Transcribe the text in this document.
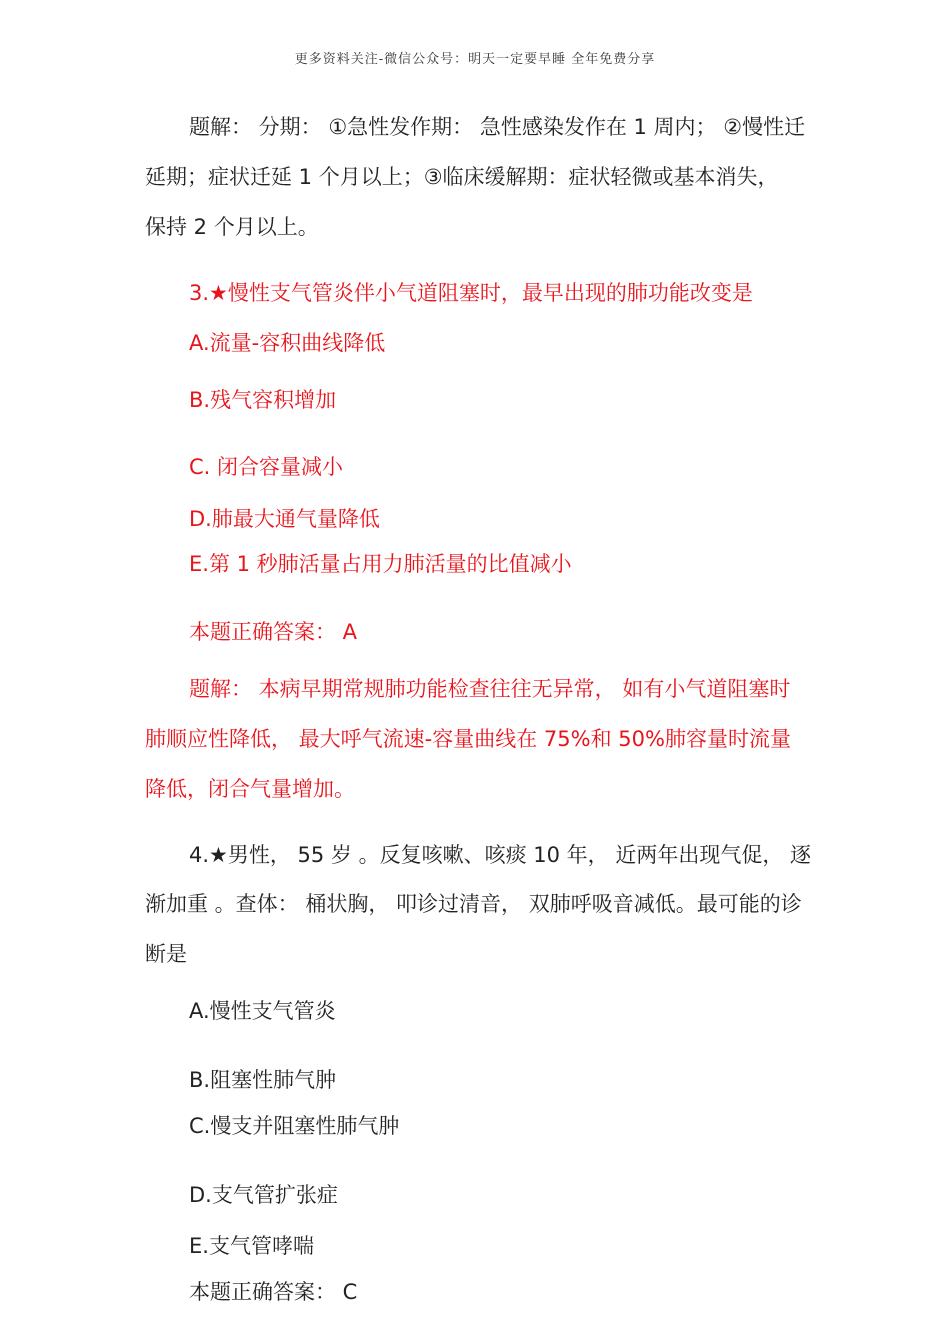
更多资料关注-微信公众号：明天一定要早睡 全年免费分享
题解： 分期： ①急性发作期： 急性感染发作在 1 周内； ②慢性迁
延期；症状迁延 1 个月以上；③临床缓解期：症状轻微或基本消失，
保持 2 个月以上。
3.★慢性支气管炎伴小气道阻塞时，最早出现的肺功能改变是
A.流量-容积曲线降低
B.残气容积增加
C. 闭合容量减小
D.肺最大通气量降低
E.第 1 秒肺活量占用力肺活量的比值减小
本题正确答案： A
题解： 本病早期常规肺功能检查往往无异常， 如有小气道阻塞时
肺顺应性降低， 最大呼气流速-容量曲线在 75%和 50%肺容量时流量
降低，闭合气量增加。
4.★男性， 55 岁 。反复咳嗽、咳痰 10 年， 近两年出现气促， 逐
渐加重 。查体： 桶状胸， 叩诊过清音， 双肺呼吸音减低。最可能的诊
断是
A.慢性支气管炎
B.阻塞性肺气肿
C.慢支并阻塞性肺气肿
D.支气管扩张症
E.支气管哮喘
本题正确答案： C
